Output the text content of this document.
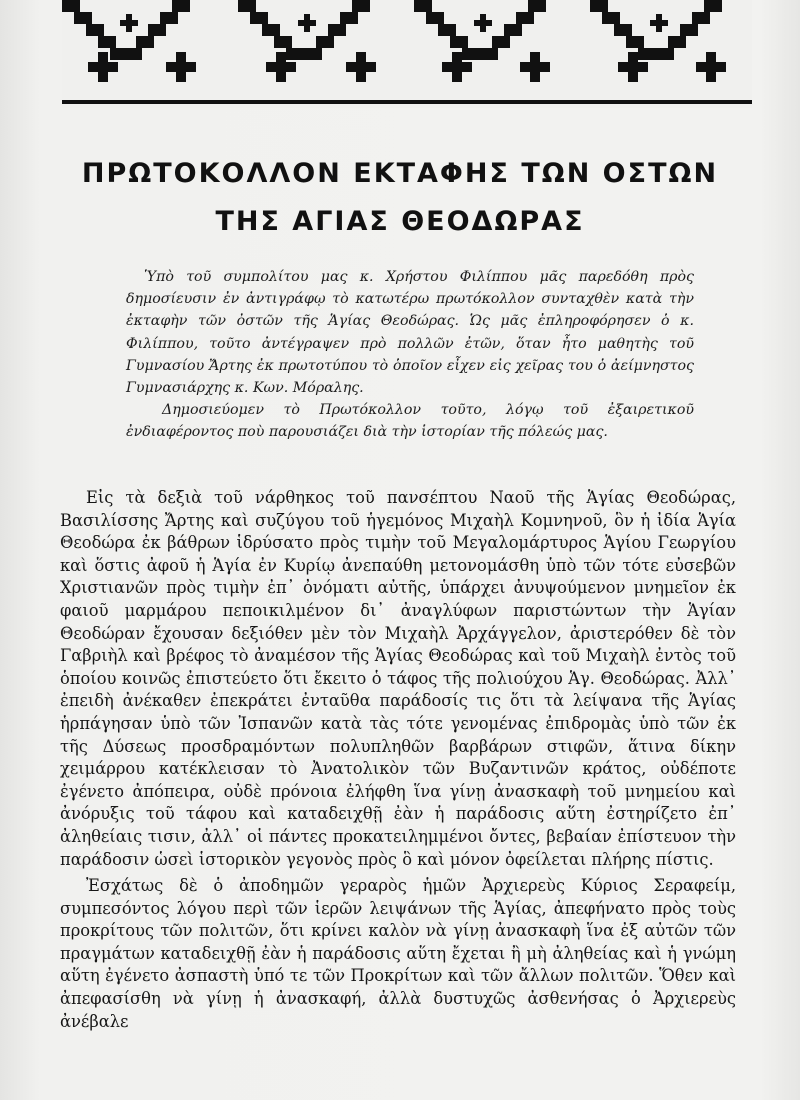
ΠΡΩΤΟΚΟΛΛΟΝ ΕΚΤΑΦΗΣ ΤΩΝ ΟΣΤΩΝ
ΤΗΣ ΑΓΙΑΣ ΘΕΟΔΩΡΑΣ

Ὑπὸ τοῦ συμπολίτου μας κ. Χρήστου Φιλίππου μᾶς παρεδόθη πρὸς δημοσίευσιν ἐν ἀντιγράφῳ τὸ κατωτέρω πρωτόκολλον συνταχθὲν κατὰ τὴν ἐκταφὴν τῶν ὀστῶν τῆς Ἁγίας Θεοδώρας. Ὡς μᾶς ἐπληροφόρησεν ὁ κ. Φιλίππου, τοῦτο ἀντέγραψεν πρὸ πολλῶν ἐτῶν, ὅταν ἦτο μαθητὴς τοῦ Γυμνασίου Ἄρτης ἐκ πρωτοτύπου τὸ ὁποῖον εἶχεν εἰς χεῖρας του ὁ ἀείμνηστος Γυμνασιάρχης κ. Κων. Μόραλης.

Δημοσιεύομεν τὸ Πρωτόκολλον τοῦτο, λόγῳ τοῦ ἐξαιρετικοῦ ἐνδιαφέροντος ποὺ παρουσιάζει διὰ τὴν ἱστορίαν τῆς πόλεώς μας.

Εἰς τὰ δεξιὰ τοῦ νάρθηκος τοῦ πανσέπτου Ναοῦ τῆς Ἁγίας Θεοδώρας, Βασιλίσσης Ἄρτης καὶ συζύγου τοῦ ἡγεμόνος Μιχαὴλ Κομνηνοῦ, ὃν ἡ ἰδία Ἁγία Θεοδώρα ἐκ βάθρων ἱδρύσατο πρὸς τιμὴν τοῦ Μεγαλομάρτυρος Ἁγίου Γεωργίου καὶ ὅστις ἀφοῦ ἡ Ἁγία ἐν Κυρίῳ ἀνεπαύθη μετονομάσθη ὑπὸ τῶν τότε εὐσεβῶν Χριστιανῶν πρὸς τιμὴν ἐπ᾽ ὀνόματι αὐτῆς, ὑπάρχει ἀνυψούμενον μνημεῖον ἐκ φαιοῦ μαρμάρου πεποικιλμένον δι᾽ ἀναγλύφων παριστώντων τὴν Ἁγίαν Θεοδώραν ἔχουσαν δεξιόθεν μὲν τὸν Μιχαὴλ Ἀρχάγγελον, ἀριστερόθεν δὲ τὸν Γαβριὴλ καὶ βρέφος τὸ ἀναμέσον τῆς Ἁγίας Θεοδώρας καὶ τοῦ Μιχαὴλ ἐντὸς τοῦ ὁποίου κοινῶς ἐπιστεύετο ὅτι ἔκειτο ὁ τάφος τῆς πολιούχου Ἁγ. Θεοδώρας. Ἀλλ᾽ ἐπειδὴ ἀνέκαθεν ἐπεκράτει ἐνταῦθα παράδοσίς τις ὅτι τὰ λείψανα τῆς Ἁγίας ἡρπάγησαν ὑπὸ τῶν Ἰσπανῶν κατὰ τὰς τότε γενομένας ἐπιδρομὰς ὑπὸ τῶν ἐκ τῆς Δύσεως προσδραμόντων πολυπληθῶν βαρβάρων στιφῶν, ἅτινα δίκην χειμάρρου κατέκλεισαν τὸ Ἀνατολικὸν τῶν Βυζαντινῶν κράτος, οὐδέποτε ἐγένετο ἀπόπειρα, οὐδὲ πρόνοια ἐλήφθη ἵνα γίνῃ ἀνασκαφὴ τοῦ μνημείου καὶ ἀνόρυξις τοῦ τάφου καὶ καταδειχθῇ ἐὰν ἡ παράδοσις αὕτη ἐστηρίζετο ἐπ᾽ ἀληθείαις τισιν, ἀλλ᾽ οἱ πάντες προκατειλημμένοι ὄντες, βεβαίαν ἐπίστευον τὴν παράδοσιν ὡσεὶ ἱστορικὸν γεγονὸς πρὸς ὃ καὶ μόνον ὀφείλεται πλήρης πίστις.

Ἐσχάτως δὲ ὁ ἀποδημῶν γεραρὸς ἡμῶν Ἀρχιερεὺς Κύριος Σεραφείμ, συμπεσόντος λόγου περὶ τῶν ἱερῶν λειψάνων τῆς Ἁγίας, ἀπεφήνατο πρὸς τοὺς προκρίτους τῶν πολιτῶν, ὅτι κρίνει καλὸν νὰ γίνῃ ἀνασκαφὴ ἵνα ἐξ αὐτῶν τῶν πραγμάτων καταδειχθῇ ἐὰν ἡ παράδοσις αὕτη ἔχεται ἢ μὴ ἀληθείας καὶ ἡ γνώμη αὕτη ἐγένετο ἀσπαστὴ ὑπό τε τῶν Προκρίτων καὶ τῶν ἄλλων πολιτῶν. Ὅθεν καὶ ἀπεφασίσθη νὰ γίνῃ ἡ ἀνασκαφή, ἀλλὰ δυστυχῶς ἀσθενήσας ὁ Ἀρχιερεὺς ἀνέβαλε
